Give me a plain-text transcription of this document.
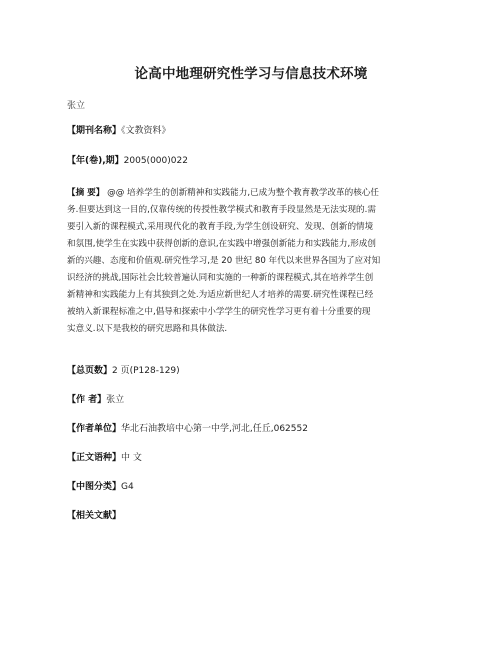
论高中地理研究性学习与信息技术环境
张立
【期刊名称】《文教资料》
【年(卷),期】2005(000)022
【摘 要】 @@ 培养学生的创新精神和实践能力,已成为整个教育教学改革的核心任
务.但要达到这一目的,仅靠传统的传授性教学模式和教育手段显然是无法实现的.需
要引入新的课程模式,采用现代化的教育手段,为学生创设研究、发现、创新的情境
和氛围,使学生在实践中获得创新的意识,在实践中增强创新能力和实践能力,形成创
新的兴趣、态度和价值观.研究性学习,是 20 世纪 80 年代以来世界各国为了应对知
识经济的挑战,国际社会比较普遍认同和实施的一种新的课程模式,其在培养学生创
新精神和实践能力上有其独到之处.为适应新世纪人才培养的需要.研究性课程已经
被纳入新课程标准之中,倡导和探索中小学学生的研究性学习更有着十分重要的现
实意义.以下是我校的研究思路和具体做法.
【总页数】2 页(P128-129)
【作 者】张立
【作者单位】华北石油教培中心第一中学,河北,任丘,062552
【正文语种】中 文
【中图分类】G4
【相关文献】
